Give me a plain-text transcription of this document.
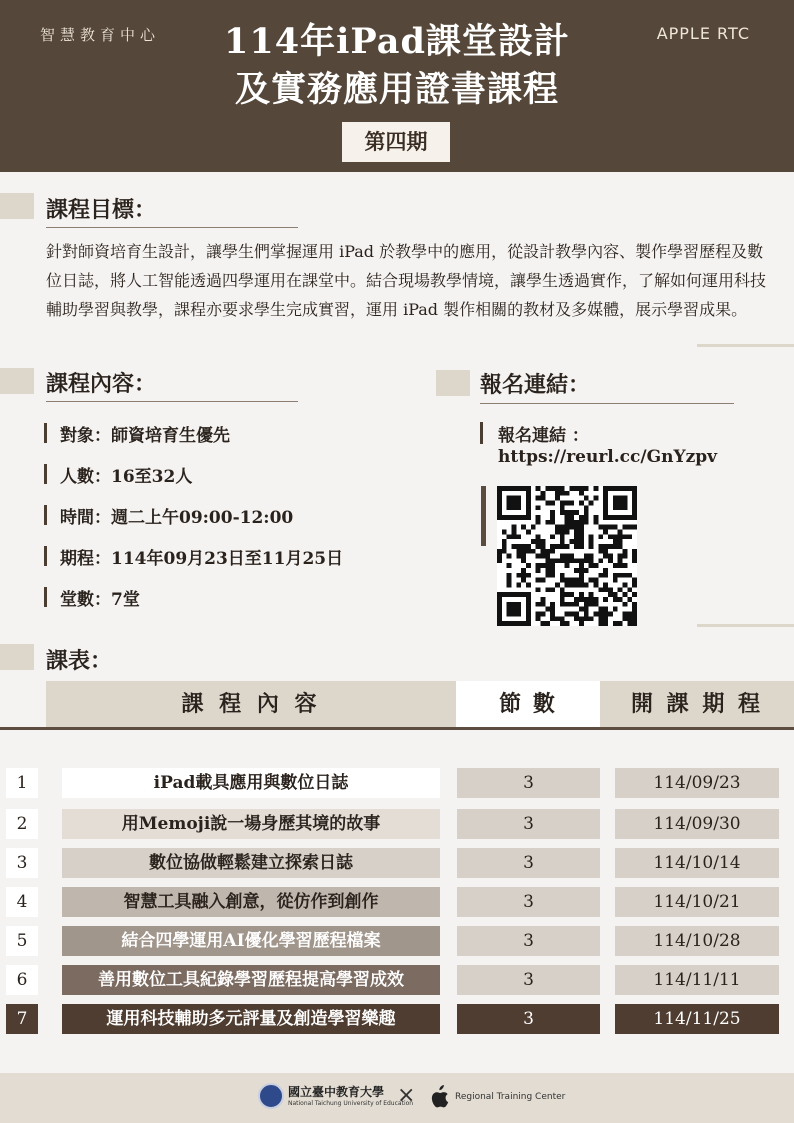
智慧教育中心	APPLE RTC
114年iPad課堂設計
及實務應用證書課程
第四期
課程目標：
針對師資培育生設計，讓學生們掌握運用 iPad 於教學中的應用，從設計教學內容、製作學習歷程及數位日誌，將人工智能透過四學運用在課堂中。結合現場教學情境，讓學生透過實作，了解如何運用科技輔助學習與教學，課程亦要求學生完成實習，運用 iPad 製作相關的教材及多媒體，展示學習成果。
課程內容：
對象：師資培育生優先
人數：16至32人
時間：週二上午09:00-12:00
期程：114年09月23日至11月25日
堂數：7堂
報名連結：
報名連結 ：
https://reurl.cc/GnYzpv
課表：
課 程 內 容	節 數	開 課 期 程
1	iPad載具應用與數位日誌	3	114/09/23
2	用Memoji說一場身歷其境的故事	3	114/09/30
3	數位協做輕鬆建立探索日誌	3	114/10/14
4	智慧工具融入創意，從仿作到創作	3	114/10/21
5	結合四學運用AI優化學習歷程檔案	3	114/10/28
6	善用數位工具紀錄學習歷程提高學習成效	3	114/11/11
7	運用科技輔助多元評量及創造學習樂趣	3	114/11/25
國立臺中教育大學
National Taichung University of Education
×	Regional Training Center
